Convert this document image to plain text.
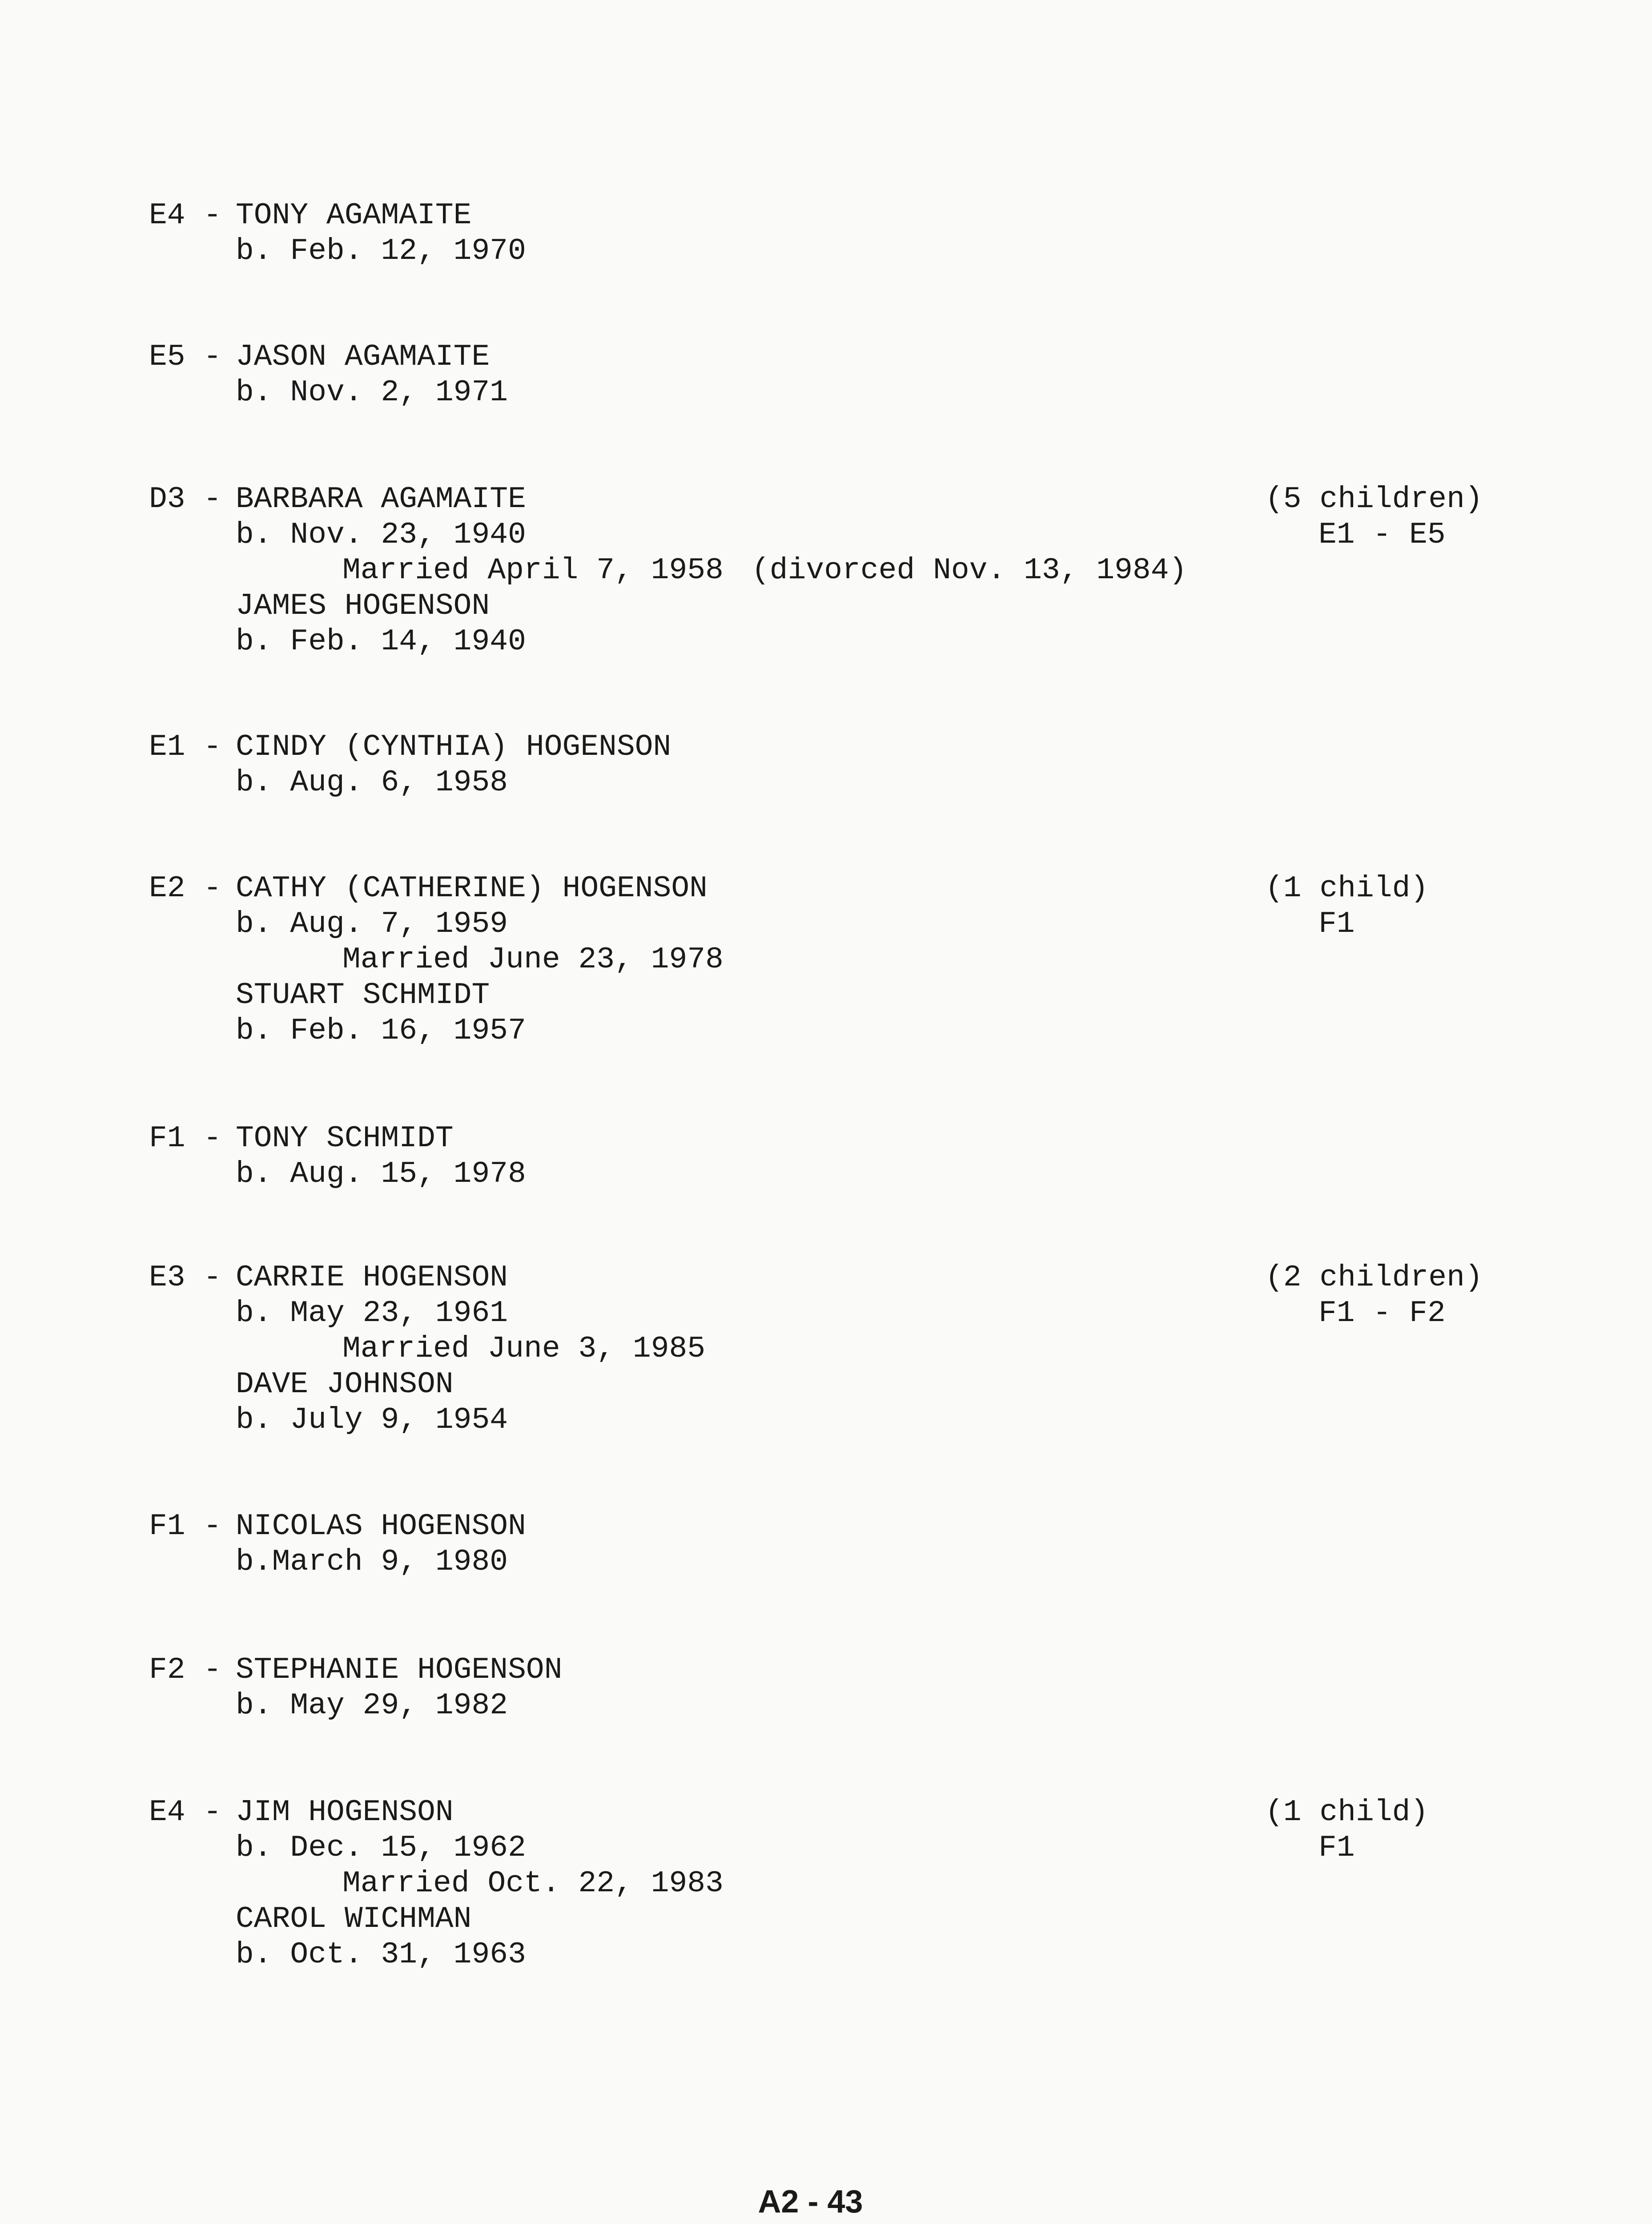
E4 - TONY AGAMAITE
b. Feb. 12, 1970
E5 - JASON AGAMAITE
b. Nov. 2, 1971
D3 - BARBARA AGAMAITE	(5 children)
b. Nov. 23, 1940	E1 - E5
Married April 7, 1958 (divorced Nov. 13, 1984)
JAMES HOGENSON
b. Feb. 14, 1940
E1 - CINDY (CYNTHIA) HOGENSON
b. Aug. 6, 1958
E2 - CATHY (CATHERINE) HOGENSON	(1 child)
b. Aug. 7, 1959	F1
Married June 23, 1978
STUART SCHMIDT
b. Feb. 16, 1957
F1 - TONY SCHMIDT
b. Aug. 15, 1978
E3 - CARRIE HOGENSON	(2 children)
b. May 23, 1961	F1 - F2
Married June 3, 1985
DAVE JOHNSON
b. July 9, 1954
F1 - NICOLAS HOGENSON
b.March 9, 1980
F2 - STEPHANIE HOGENSON
b. May 29, 1982
E4 - JIM HOGENSON	(1 child)
b. Dec. 15, 1962	F1
Married Oct. 22, 1983
CAROL WICHMAN
b. Oct. 31, 1963
A2 - 43
